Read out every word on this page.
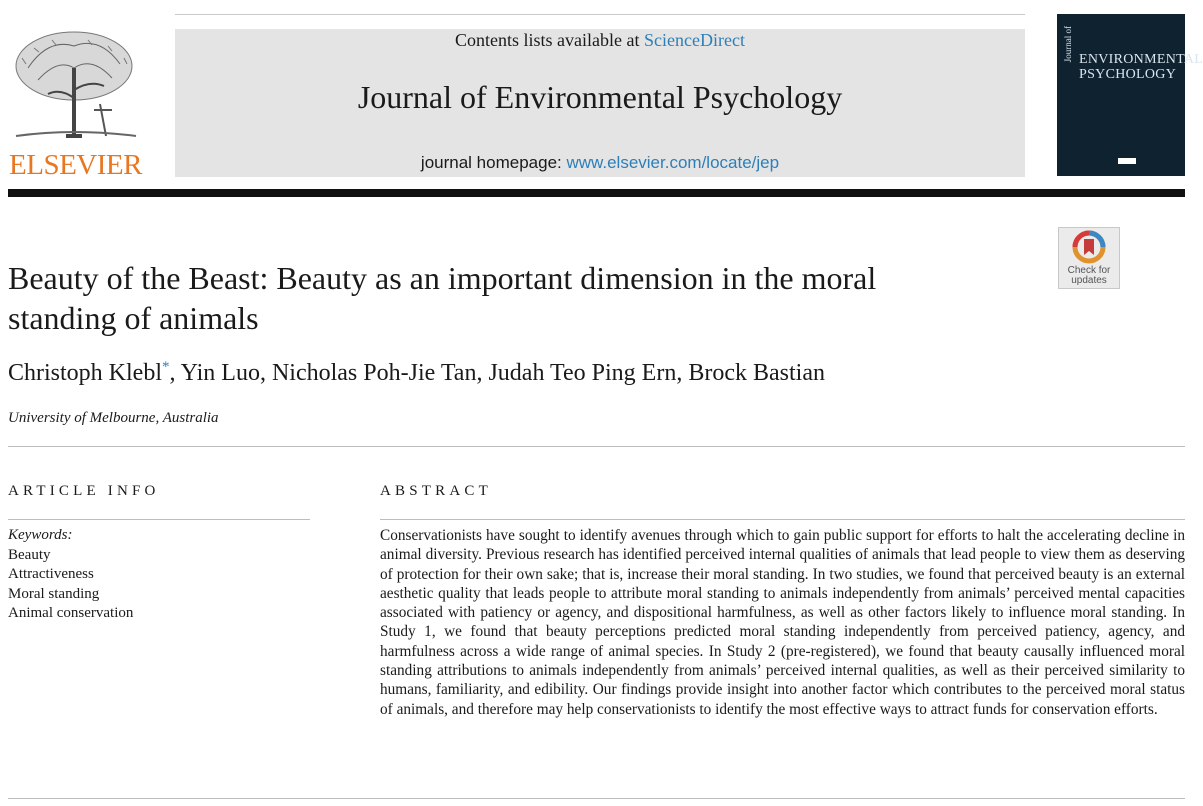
ELSEVIER
Contents lists available at ScienceDirect
Journal of Environmental Psychology
journal homepage: www.elsevier.com/locate/jep
Journal of ENVIRONMENTAL PSYCHOLOGY
Check for updates
Beauty of the Beast: Beauty as an important dimension in the moral standing of animals
Christoph Klebl*, Yin Luo, Nicholas Poh-Jie Tan, Judah Teo Ping Ern, Brock Bastian
University of Melbourne, Australia
ARTICLE INFO	ABSTRACT
Keywords:
Beauty
Attractiveness
Moral standing
Animal conservation

Conservationists have sought to identify avenues through which to gain public support for efforts to halt the accelerating decline in animal diversity. Previous research has identified perceived internal qualities of animals that lead people to view them as deserving of protection for their own sake; that is, increase their moral standing. In two studies, we found that perceived beauty is an external aesthetic quality that leads people to attribute moral standing to animals independently from animals’ perceived mental capacities associated with patiency or agency, and dispositional harmfulness, as well as other factors likely to influence moral standing. In Study 1, we found that beauty perceptions predicted moral standing independently from perceived patiency, agency, and harmfulness across a wide range of animal species. In Study 2 (pre-registered), we found that beauty causally influenced moral standing attributions to animals independently from animals’ perceived internal qualities, as well as their perceived similarity to humans, familiarity, and edibility. Our findings provide insight into another factor which contributes to the perceived moral status of animals, and therefore may help conservationists to identify the most effective ways to attract funds for conservation efforts.
